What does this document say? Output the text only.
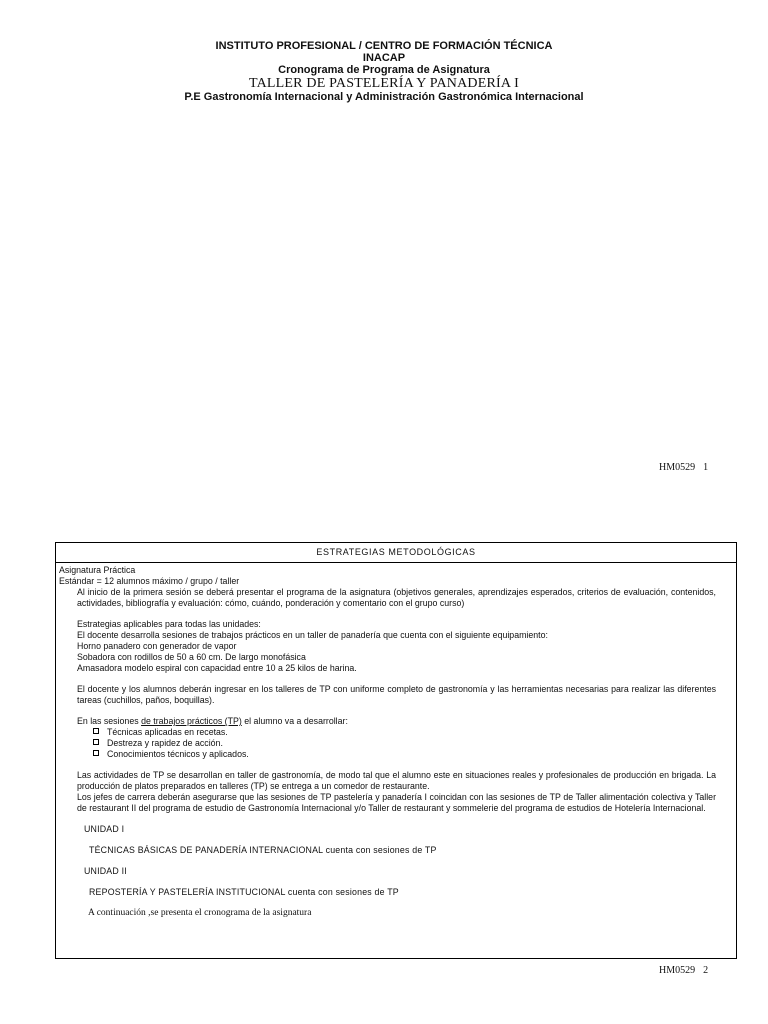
INSTITUTO PROFESIONAL / CENTRO DE FORMACIÓN TÉCNICA
INACAP
Cronograma de Programa de Asignatura
TALLER DE PASTELERÍA Y PANADERÍA I
P.E Gastronomía Internacional y Administración Gastronómica Internacional
HM0529 1
ESTRATEGIAS METODOLÓGICAS
Asignatura Práctica
Estándar = 12 alumnos máximo / grupo / taller
Al inicio de la primera sesión se deberá presentar el programa de la asignatura (objetivos generales, aprendizajes esperados, criterios de evaluación, contenidos, actividades, bibliografía y evaluación: cómo, cuándo, ponderación y comentario con el grupo curso)
Estrategias aplicables para todas las unidades:
El docente desarrolla sesiones de trabajos prácticos en un taller de panadería que cuenta con el siguiente equipamiento:
Horno panadero con generador de vapor
Sobadora con rodillos de 50 a 60 cm. De largo monofásica
Amasadora modelo espiral con capacidad entre 10 a 25 kilos de harina.
El docente y los alumnos deberán ingresar en los talleres de TP con uniforme completo de gastronomía y las herramientas necesarias para realizar las diferentes tareas (cuchillos, paños, boquillas).
En las sesiones de trabajos prácticos (TP) el alumno va a desarrollar:
Técnicas aplicadas en recetas.
Destreza y rapidez de acción.
Conocimientos técnicos y aplicados.
Las actividades de TP se desarrollan en taller de gastronomía, de modo tal que el alumno este en situaciones reales y profesionales de producción en brigada. La producción de platos preparados en talleres (TP) se entrega a un comedor de restaurante.
Los jefes de carrera deberán asegurarse que las sesiones de TP pastelería y panadería I coincidan con las sesiones de TP de Taller alimentación colectiva y Taller de restaurant II del programa de estudio de Gastronomía Internacional y/o Taller de restaurant y sommelerie del programa de estudios de Hotelería Internacional.
UNIDAD I
TÉCNICAS BÁSICAS DE PANADERÍA INTERNACIONAL cuenta con sesiones de TP
UNIDAD II
REPOSTERÍA Y PASTELERÍA INSTITUCIONAL cuenta con sesiones de TP
A continuación ,se presenta el cronograma de la asignatura
HM0529 2
